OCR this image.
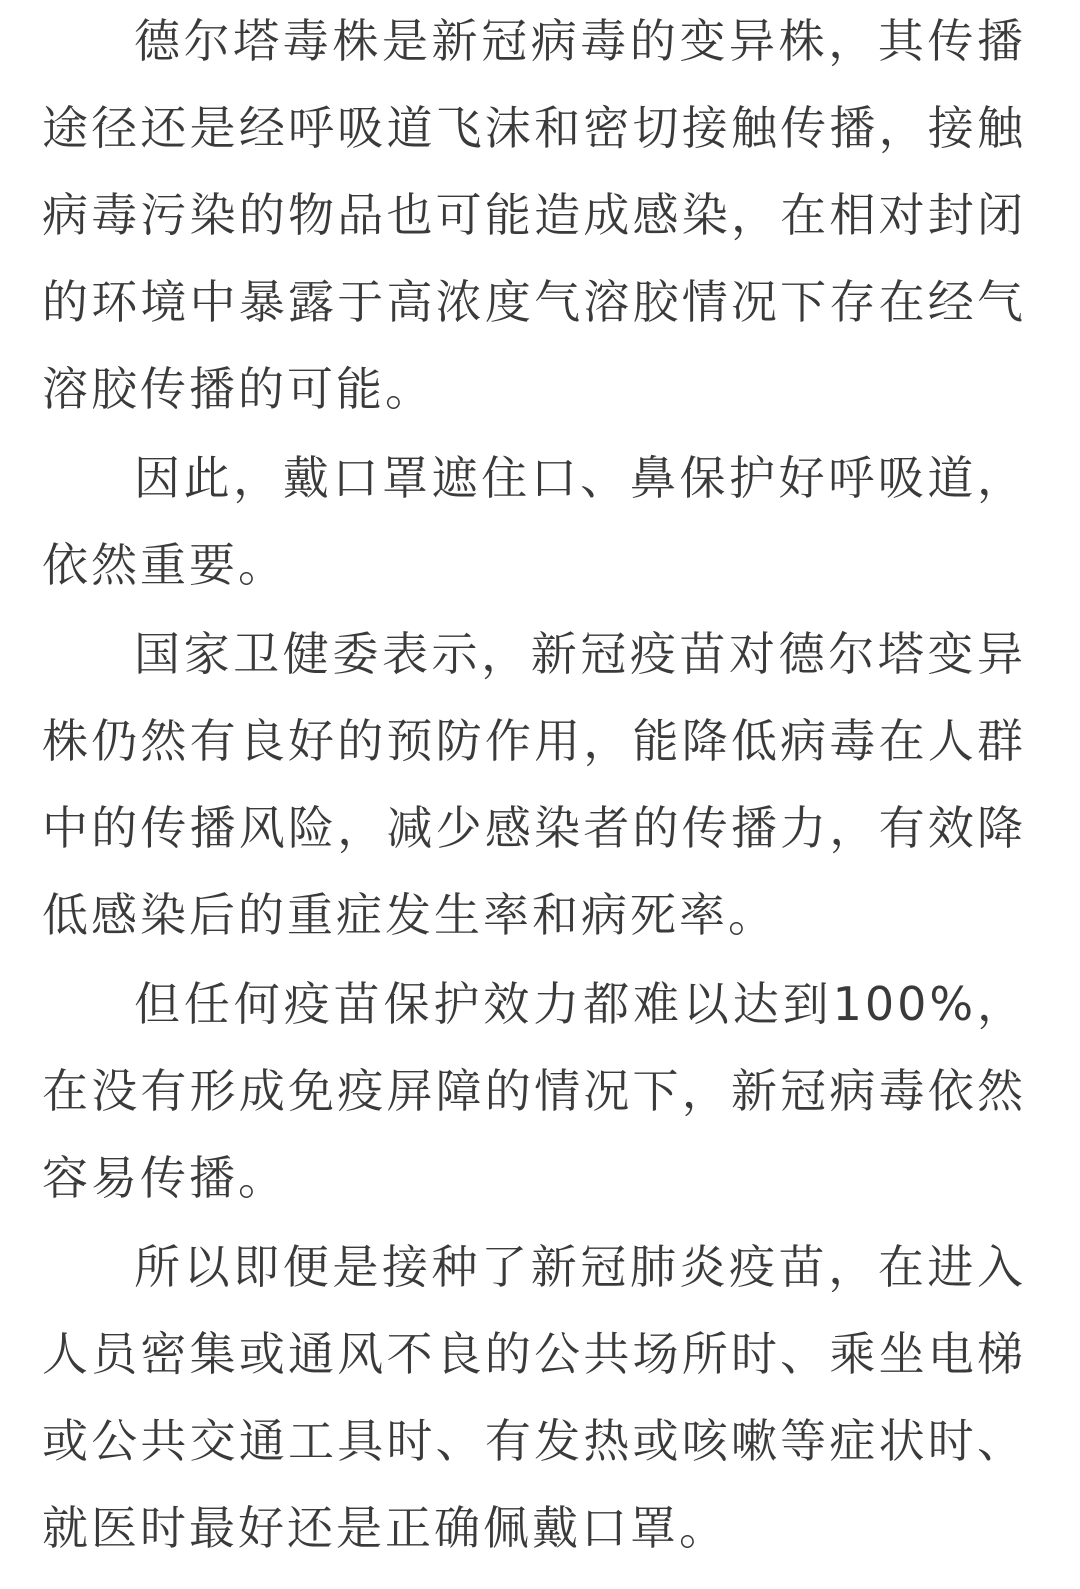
德尔塔毒株是新冠病毒的变异株，其传播途径还是经呼吸道飞沫和密切接触传播，接触病毒污染的物品也可能造成感染，在相对封闭的环境中暴露于高浓度气溶胶情况下存在经气溶胶传播的可能。

因此，戴口罩遮住口、鼻保护好呼吸道，依然重要。

国家卫健委表示，新冠疫苗对德尔塔变异株仍然有良好的预防作用，能降低病毒在人群中的传播风险，减少感染者的传播力，有效降低感染后的重症发生率和病死率。

但任何疫苗保护效力都难以达到100%，在没有形成免疫屏障的情况下，新冠病毒依然容易传播。

所以即便是接种了新冠肺炎疫苗，在进入人员密集或通风不良的公共场所时、乘坐电梯或公共交通工具时、有发热或咳嗽等症状时、就医时最好还是正确佩戴口罩。
